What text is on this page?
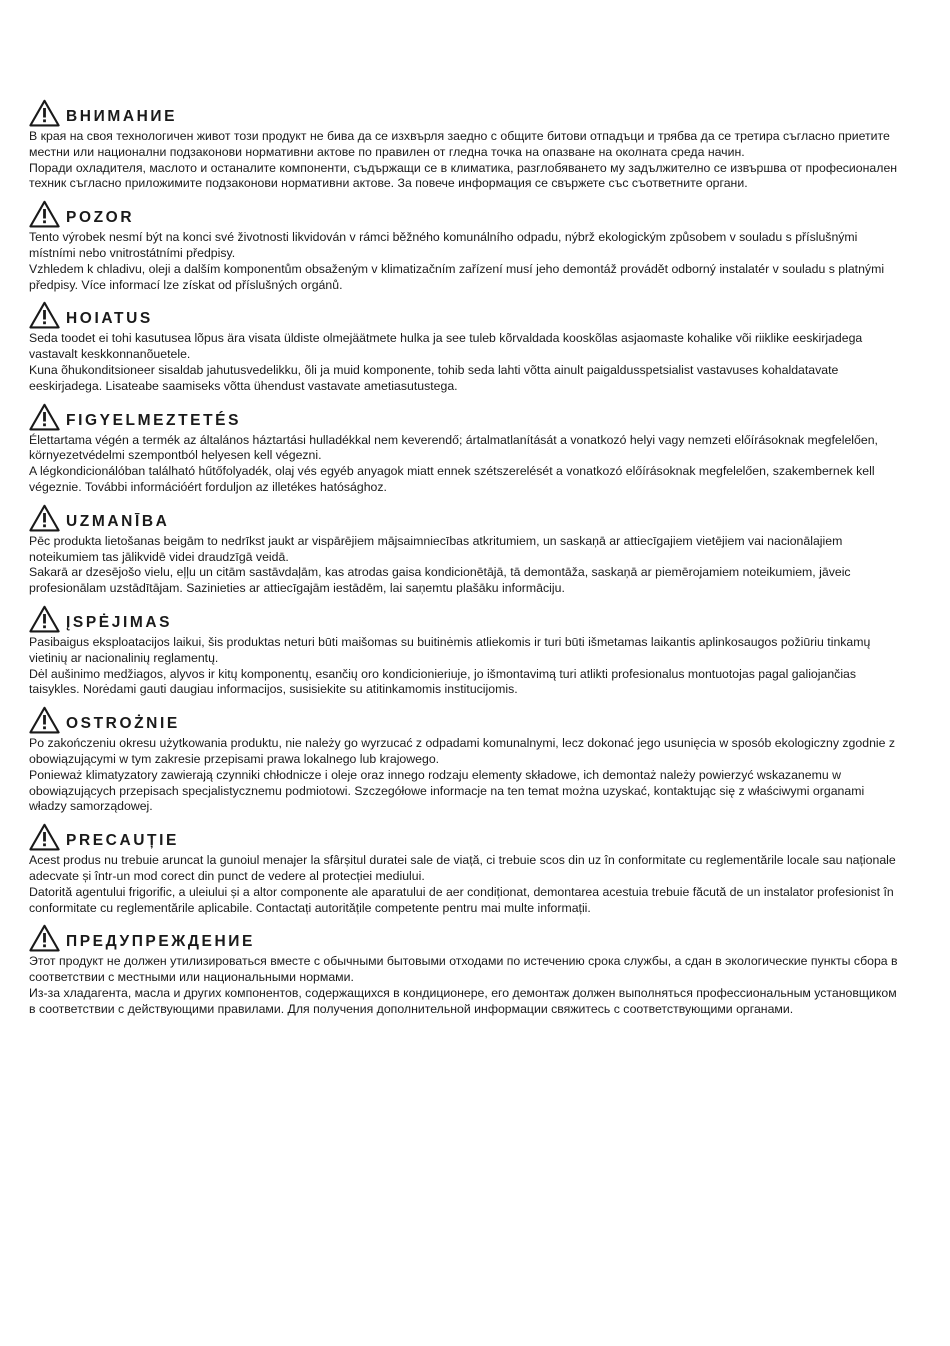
ВНИМАНИЕ

В края на своя технологичен живот този продукт не бива да се изхвърля заедно с общите битови отпадъци и трябва да се третира съгласно приетите местни или национални подзаконови нормативни актове по правилен от гледна точка на опазване на околната среда начин.

Поради охладителя, маслото и останалите компоненти, съдържащи се в климатика, разглобяването му задължително се извършва от професионален техник съгласно приложимите подзаконови нормативни актове. За повече информация се свържете със съответните органи.

POZOR

Tento výrobek nesmí být na konci své životnosti likvidován v rámci běžného komunálního odpadu, nýbrž ekologickým způsobem v souladu s příslušnými místními nebo vnitrostátními předpisy.

Vzhledem k chladivu, oleji a dalším komponentům obsaženým v klimatizačním zařízení musí jeho demontáž provádět odborný instalatér v souladu s platnými předpisy. Více informací lze získat od příslušných orgánů.

HOIATUS

Seda toodet ei tohi kasutusea lõpus ära visata üldiste olmejäätmete hulka ja see tuleb kõrvaldada kooskõlas asjaomaste kohalike või riiklike eeskirjadega vastavalt keskkonnanõuetele.

Kuna õhukonditsioneer sisaldab jahutusvedelikku, õli ja muid komponente, tohib seda lahti võtta ainult paigaldusspetsialist vastavuses kohaldatavate eeskirjadega. Lisateabe saamiseks võtta ühendust vastavate ametiasutustega.

FIGYELMEZTETÉS

Élettartama végén a termék az általános háztartási hulladékkal nem keverendő; ártalmatlanítását a vonatkozó helyi vagy nemzeti előírásoknak megfelelően, környezetvédelmi szempontból helyesen kell végezni.

A légkondicionálóban található hűtőfolyadék, olaj vés egyéb anyagok miatt ennek szétszerelését a vonatkozó előírásoknak megfelelően, szakembernek kell végeznie. További információért forduljon az illetékes hatósághoz.

UZMANĪBA

Pēc produkta lietošanas beigām to nedrīkst jaukt ar vispārējiem mājsaimniecības atkritumiem, un saskaņā ar attiecīgajiem vietējiem vai nacionālajiem noteikumiem tas jālikvidē videi draudzīgā veidā.

Sakarā ar dzesējošo vielu, eļļu un citām sastāvdaļām, kas atrodas gaisa kondicionētājā, tā demontāža, saskaņā ar piemērojamiem noteikumiem, jāveic profesionālam uzstādītājam. Sazinieties ar attiecīgajām iestādēm, lai saņemtu plašāku informāciju.

ĮSPĖJIMAS

Pasibaigus eksploatacijos laikui, šis produktas neturi būti maišomas su buitinėmis atliekomis ir turi būti išmetamas laikantis aplinkosaugos požiūriu tinkamų vietinių ar nacionalinių reglamentų.

Dėl aušinimo medžiagos, alyvos ir kitų komponentų, esančių oro kondicionieriuje, jo išmontavimą turi atlikti profesionalus montuotojas pagal galiojančias taisykles. Norėdami gauti daugiau informacijos, susisiekite su atitinkamomis institucijomis.

OSTROŻNIE

Po zakończeniu okresu użytkowania produktu, nie należy go wyrzucać z odpadami komunalnymi, lecz dokonać jego usunięcia w sposób ekologiczny zgodnie z obowiązującymi w tym zakresie przepisami prawa lokalnego lub krajowego.

Ponieważ klimatyzatory zawierają czynniki chłodnicze i oleje oraz innego rodzaju elementy składowe, ich demontaż należy powierzyć wskazanemu w obowiązujących przepisach specjalistycznemu podmiotowi. Szczegółowe informacje na ten temat można uzyskać, kontaktując się z właściwymi organami władzy samorządowej.

PRECAUȚIE

Acest produs nu trebuie aruncat la gunoiul menajer la sfârșitul duratei sale de viață, ci trebuie scos din uz în conformitate cu reglementările locale sau naționale adecvate și într-un mod corect din punct de vedere al protecției mediului.

Datorită agentului frigorific, a uleiului și a altor componente ale aparatului de aer condiționat, demontarea acestuia trebuie făcută de un instalator profesionist în conformitate cu reglementările aplicabile. Contactați autoritățile competente pentru mai multe informații.

ПРЕДУПРЕЖДЕНИЕ

Этот продукт не должен утилизироваться вместе с обычными бытовыми отходами по истечению срока службы, а сдан в экологические пункты сбора в соответствии с местными или национальными нормами.

Из-за хладагента, масла и других компонентов, содержащихся в кондиционере, его демонтаж должен выполняться профессиональным установщиком в соответствии с действующими правилами. Для получения дополнительной информации свяжитесь с соответствующими органами.
